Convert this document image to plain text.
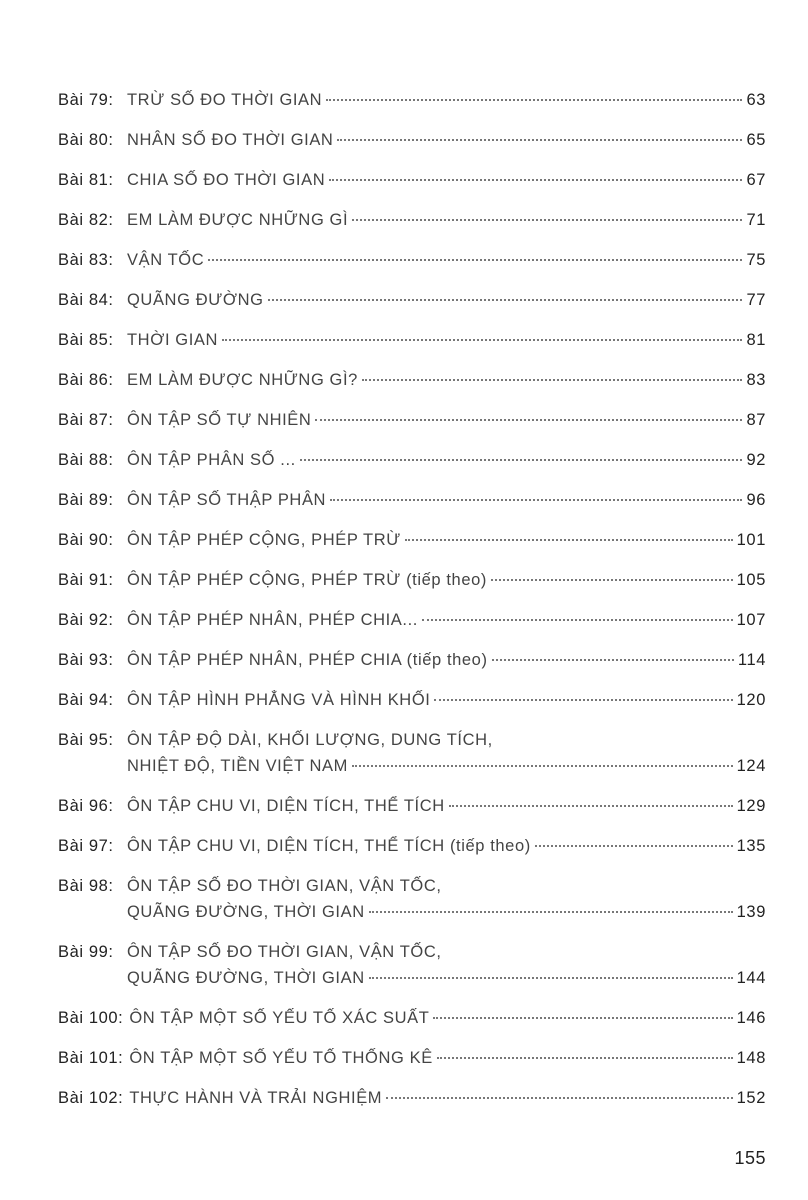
Bài 79: TRỪ SỐ ĐO THỜI GIAN	63
Bài 80: NHÂN SỐ ĐO THỜI GIAN	65
Bài 81: CHIA SỐ ĐO THỜI GIAN	67
Bài 82: EM LÀM ĐƯỢC NHỮNG GÌ	71
Bài 83: VẬN TỐC	75
Bài 84: QUÃNG ĐƯỜNG	77
Bài 85: THỜI GIAN	81
Bài 86: EM LÀM ĐƯỢC NHỮNG GÌ?	83
Bài 87: ÔN TẬP SỐ TỰ NHIÊN	87
Bài 88: ÔN TẬP PHÂN SỐ ...	92
Bài 89: ÔN TẬP SỐ THẬP PHÂN	96
Bài 90: ÔN TẬP PHÉP CỘNG, PHÉP TRỪ	101
Bài 91: ÔN TẬP PHÉP CỘNG, PHÉP TRỪ (tiếp theo)	105
Bài 92: ÔN TẬP PHÉP NHÂN, PHÉP CHIA...	107
Bài 93: ÔN TẬP PHÉP NHÂN, PHÉP CHIA (tiếp theo)	114
Bài 94: ÔN TẬP HÌNH PHẲNG VÀ HÌNH KHỐI	120
Bài 95: ÔN TẬP ĐỘ DÀI, KHỐI LƯỢNG, DUNG TÍCH,
NHIỆT ĐỘ, TIỀN VIỆT NAM	124
Bài 96: ÔN TẬP CHU VI, DIỆN TÍCH, THỂ TÍCH	129
Bài 97: ÔN TẬP CHU VI, DIỆN TÍCH, THỂ TÍCH (tiếp theo)	135
Bài 98: ÔN TẬP SỐ ĐO THỜI GIAN, VẬN TỐC,
QUÃNG ĐƯỜNG, THỜI GIAN	139
Bài 99: ÔN TẬP SỐ ĐO THỜI GIAN, VẬN TỐC,
QUÃNG ĐƯỜNG, THỜI GIAN	144
Bài 100: ÔN TẬP MỘT SỐ YẾU TỐ XÁC SUẤT	146
Bài 101: ÔN TẬP MỘT SỐ YẾU TỐ THỐNG KÊ	148
Bài 102: THỰC HÀNH VÀ TRẢI NGHIỆM	152
155
